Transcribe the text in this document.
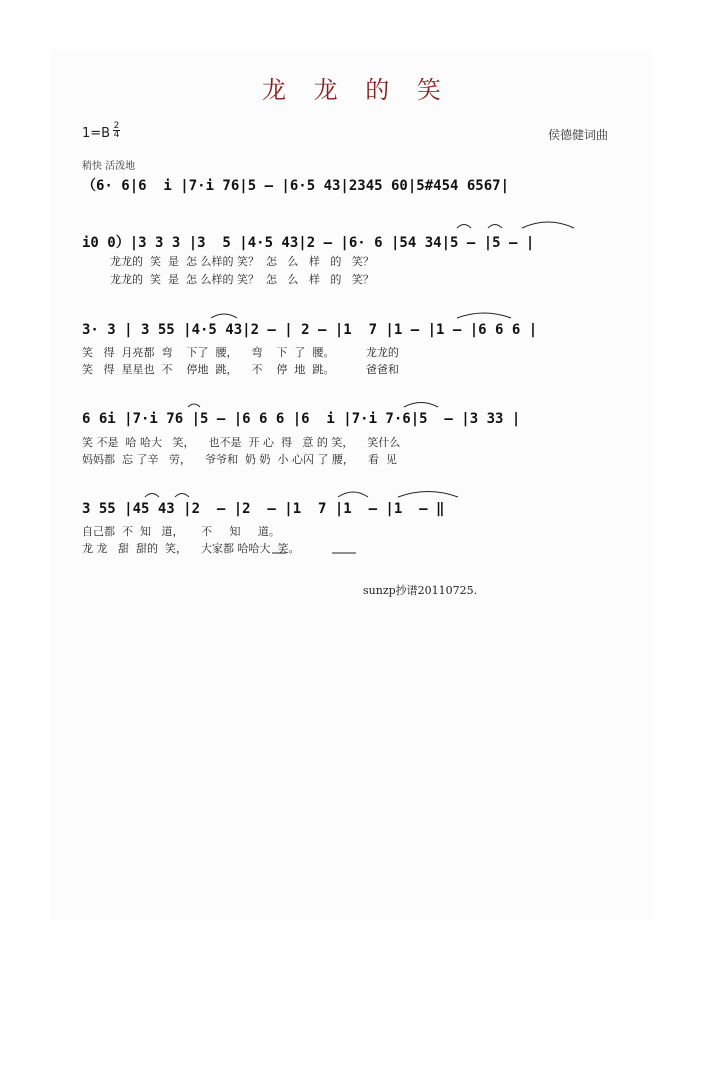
龙 龙 的 笑
1=B 2
4	侯德健词曲
稍快 活泼地
（6· 6|6  i |7·i 76|5 – |6·5 43|2345 60|5#454 6567|
i0 0）|3 3 3 |3  5 |4·5 43|2 – |6· 6 |54 34|5 – |5 – |
龙龙的  笑  是  怎 么样的 笑？  怎   么   样   的   笑？
龙龙的  笑  是  怎 么样的 笑？  怎   么   样   的   笑？
3· 3 | 3 55 |4·5 43|2 – | 2 – |1  7 |1 – |1 – |6 6 6 |
笑   得  月亮都  弯    下了  腰，    弯    下  了  腰。         龙龙的
笑   得  星星也  不    停地  跳，    不    停  地  跳。         爸爸和
6 6i |7·i 76 |5 – |6 6 6 |6  i |7·i 7·6|5  – |3 33 |
笑 不是  哈 哈大   笑，    也不是  开 心  得   意 的 笑，    笑什么
妈妈都  忘 了辛   劳，    爷爷和  奶 奶  小 心闪 了 腰，    看  见
3 55 |45 43 |2  – |2  – |1  7 |1  – |1  – ‖
自己都  不  知   道，     不     知     道。
龙 龙   甜  甜的  笑，    大家都 哈哈大  笑。
sunzp抄谱20110725.
